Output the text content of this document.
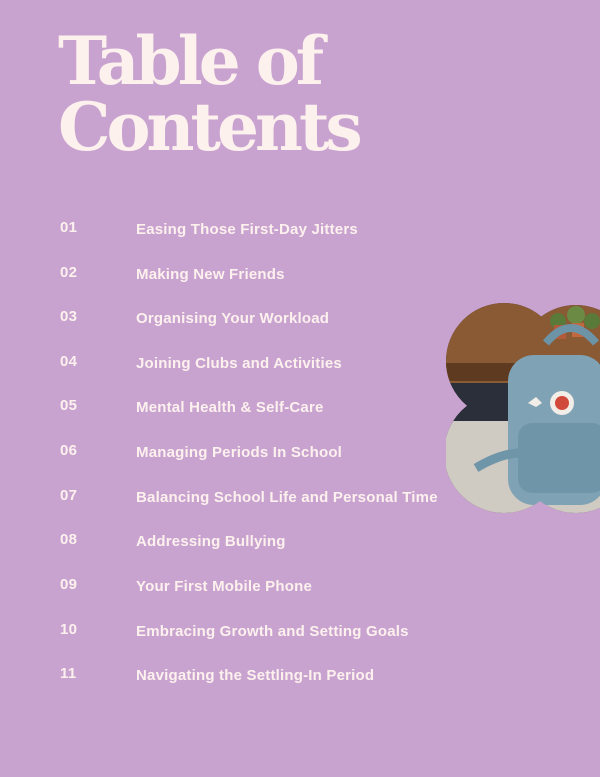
Table of
Contents
01	Easing Those First-Day Jitters
02	Making New Friends
03	Organising Your Workload
04	Joining Clubs and Activities
05	Mental Health & Self-Care
06	Managing Periods In School
07	Balancing School Life and Personal Time
08	Addressing Bullying
09	Your First Mobile Phone
10	Embracing Growth and Setting Goals
11	Navigating the Settling-In Period
